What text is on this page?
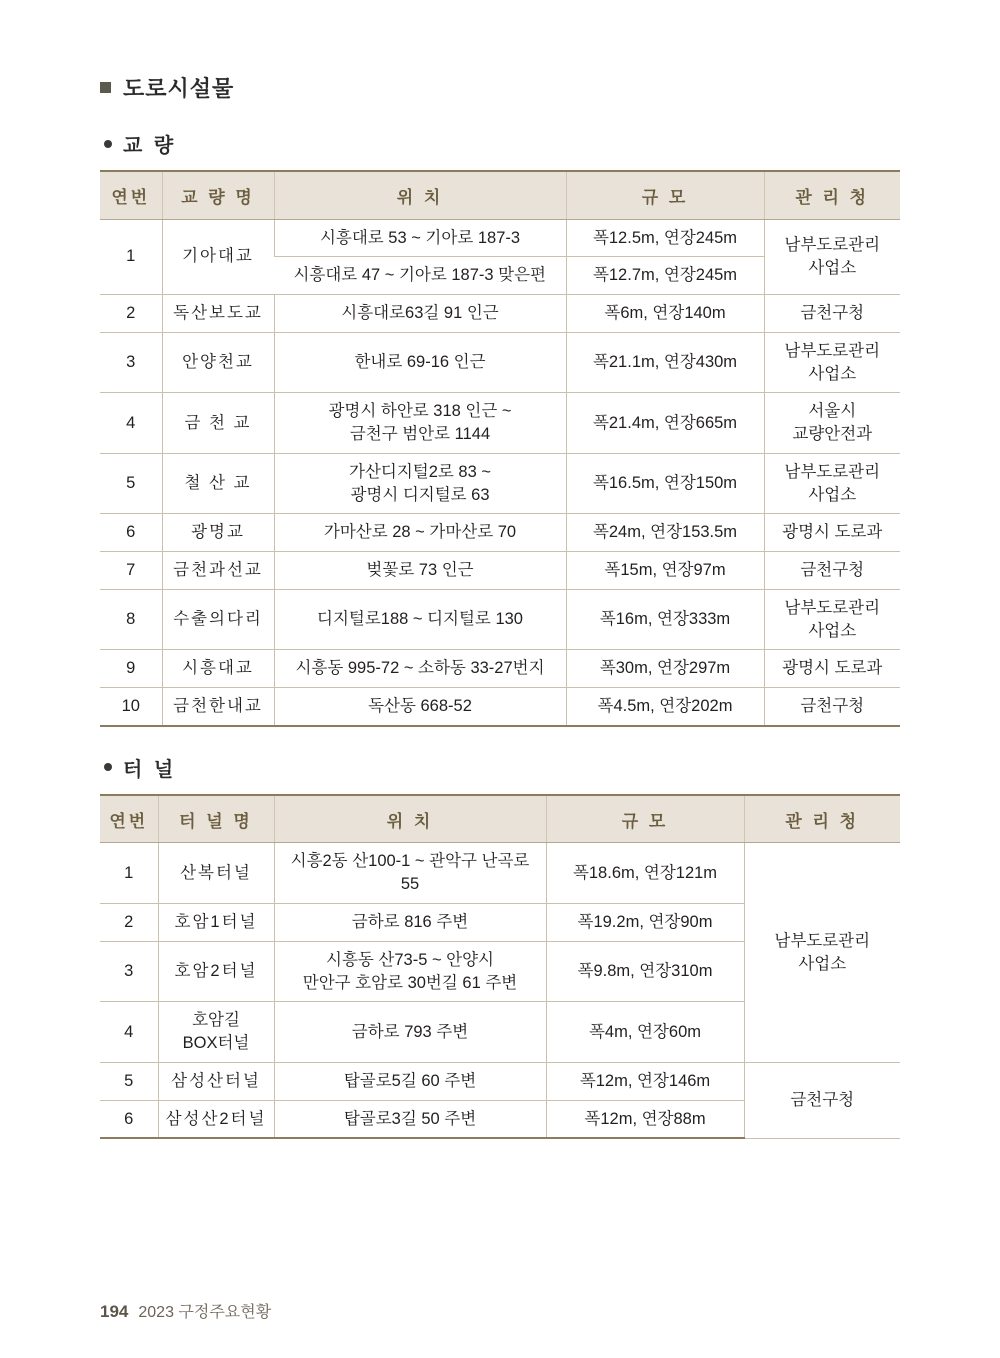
도로시설물
교 량
연번	교 량 명	위 치	규 모	관 리 청
1	기아대교	시흥대로 53 ~ 기아로 187-3	폭12.5m, 연장245m	남부도로관리
사업소
		시흥대로 47 ~ 기아로 187-3 맞은편	폭12.7m, 연장245m	
2	독산보도교	시흥대로63길 91 인근	폭6m, 연장140m	금천구청
3	안양천교	한내로 69-16 인근	폭21.1m, 연장430m	남부도로관리
사업소
4	금 천 교	광명시 하안로 318 인근 ~
금천구 범안로 1144	폭21.4m, 연장665m	서울시
교량안전과
5	철 산 교	가산디지털2로 83 ~
광명시 디지털로 63	폭16.5m, 연장150m	남부도로관리
사업소
6	광명교	가마산로 28 ~ 가마산로 70	폭24m, 연장153.5m	광명시 도로과
7	금천과선교	벚꽃로 73 인근	폭15m, 연장97m	금천구청
8	수출의다리	디지털로188 ~ 디지털로 130	폭16m, 연장333m	남부도로관리
사업소
9	시흥대교	시흥동 995-72 ~ 소하동 33-27번지	폭30m, 연장297m	광명시 도로과
10	금천한내교	독산동 668-52	폭4.5m, 연장202m	금천구청
터 널
연번	터 널 명	위 치	규 모	관 리 청
1	산복터널	시흥2동 산100-1 ~ 관악구 난곡로 55	폭18.6m, 연장121m	남부도로관리
사업소
2	호암1터널	금하로 816 주변	폭19.2m, 연장90m	
3	호암2터널	시흥동 산73-5 ~ 안양시
만안구 호암로 30번길 61 주변	폭9.8m, 연장310m	
4	호암길
BOX터널	금하로 793 주변	폭4m, 연장60m	
5	삼성산터널	탑골로5길 60 주변	폭12m, 연장146m	금천구청
6	삼성산2터널	탑골로3길 50 주변	폭12m, 연장88m	
194 2023 구정주요현황
